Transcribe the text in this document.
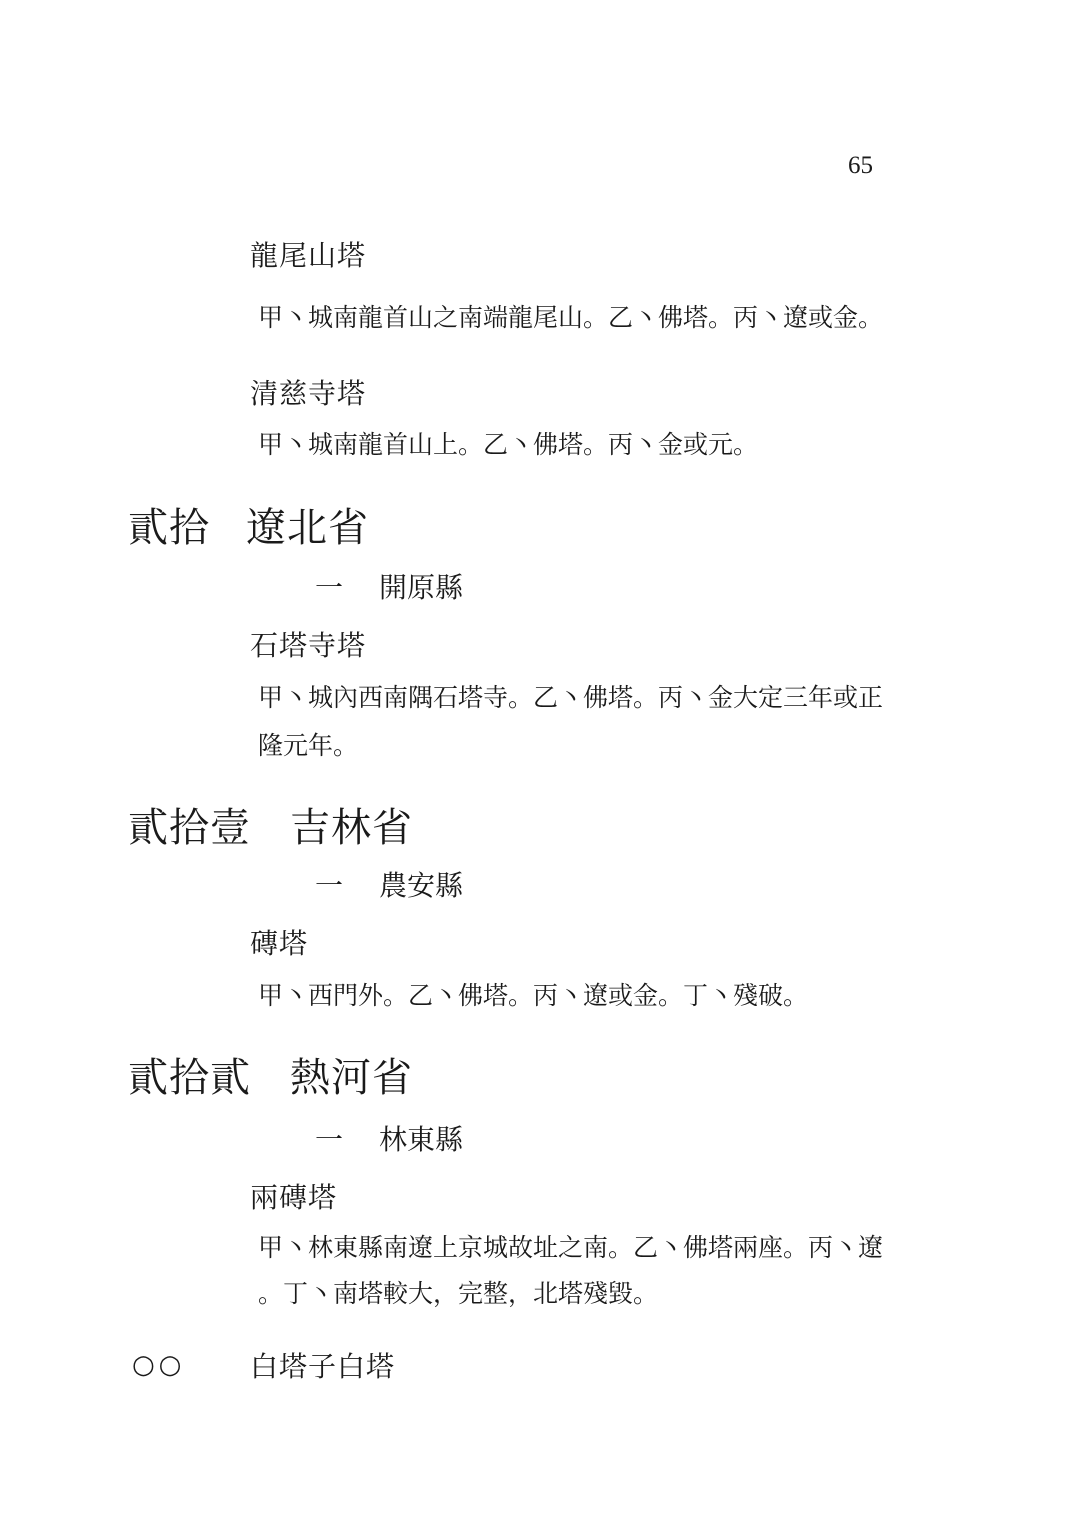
65
龍尾山塔
甲丶城南龍首山之南端龍尾山。乙丶佛塔。丙丶遼或金。
清慈寺塔
甲丶城南龍首山上。乙丶佛塔。丙丶金或元。
貳拾 遼北省
一 開原縣
石塔寺塔
甲丶城內西南隅石塔寺。乙丶佛塔。丙丶金大定三年或正
隆元年。
貳拾壹 吉林省
一 農安縣
磚塔
甲丶西門外。乙丶佛塔。丙丶遼或金。丁丶殘破。
貳拾貳 熱河省
一 林東縣
兩磚塔
甲丶林東縣南遼上京城故址之南。乙丶佛塔兩座。丙丶遼
。丁丶南塔較大，完整，北塔殘毀。
○○ 白塔子白塔
